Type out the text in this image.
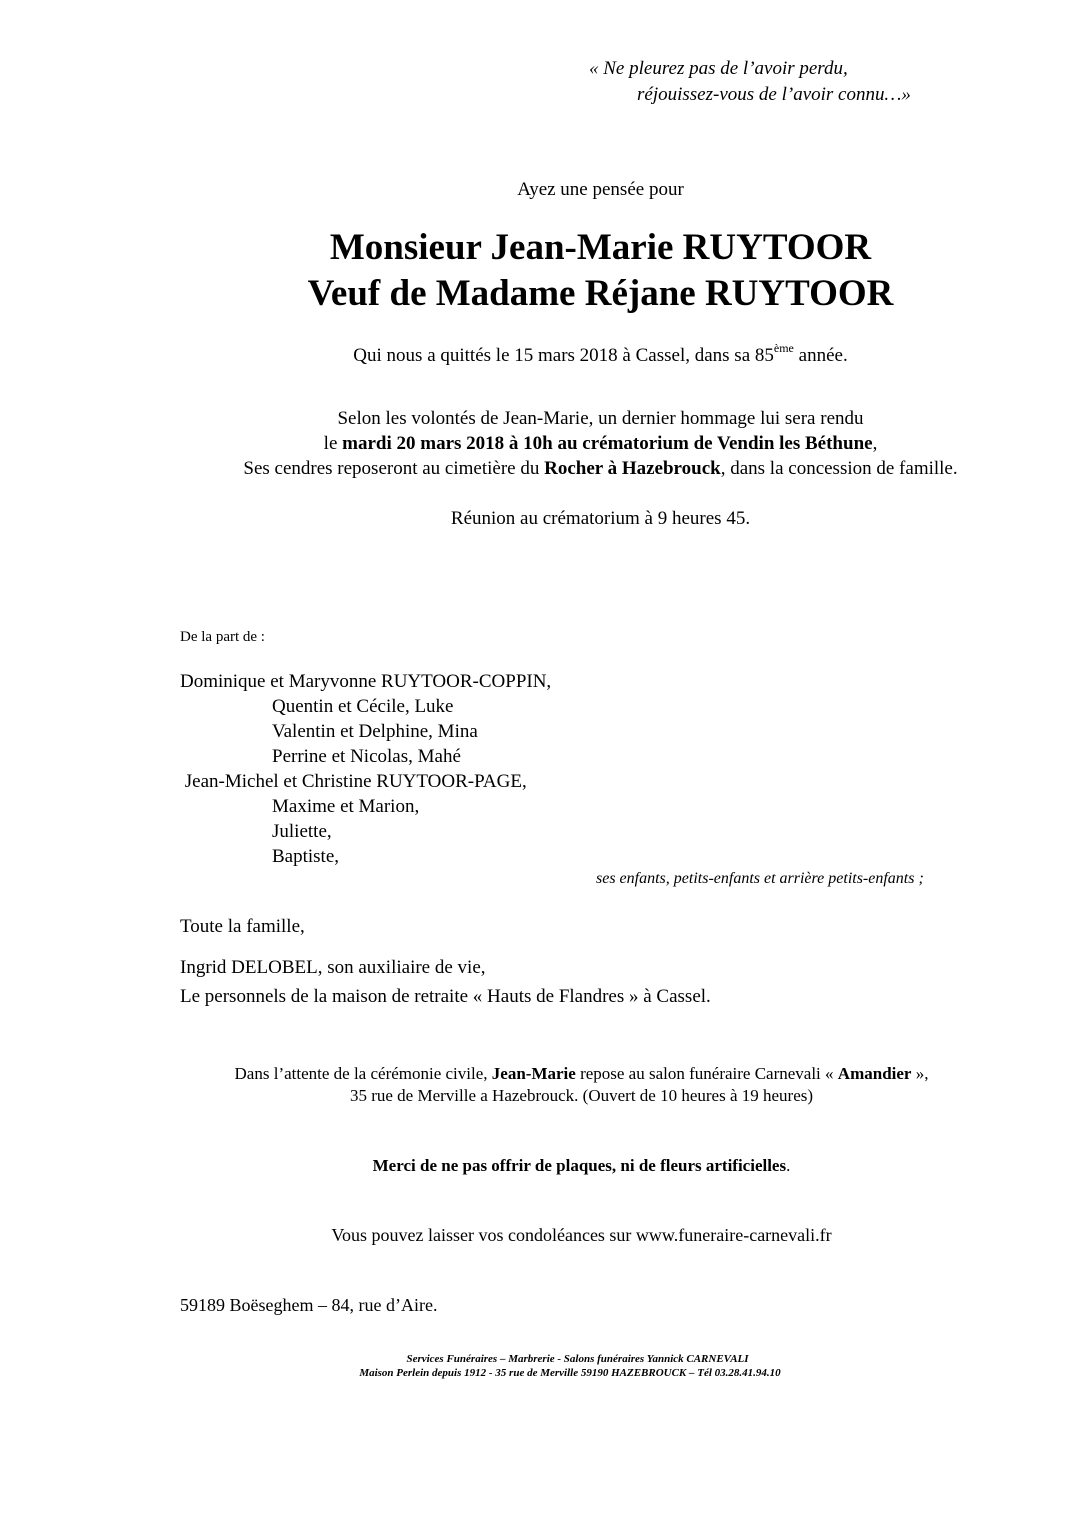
« Ne pleurez pas de l’avoir perdu,
réjouissez-vous de l’avoir connu…»
Ayez une pensée pour
Monsieur Jean-Marie RUYTOOR
Veuf de Madame Réjane RUYTOOR
Qui nous a quittés le 15 mars 2018 à Cassel, dans sa 85ème année.
Selon les volontés de Jean-Marie, un dernier hommage lui sera rendu
le mardi 20 mars 2018 à 10h au crématorium de Vendin les Béthune,
Ses cendres reposeront au cimetière du Rocher à Hazebrouck, dans la concession de famille.
Réunion au crématorium à 9 heures 45.
De la part de :
Dominique et Maryvonne RUYTOOR-COPPIN,
Quentin et Cécile, Luke
Valentin et Delphine, Mina
Perrine et Nicolas, Mahé
Jean-Michel et Christine RUYTOOR-PAGE,
Maxime et Marion,
Juliette,
Baptiste,
ses enfants, petits-enfants et arrière petits-enfants ;
Toute la famille,
Ingrid DELOBEL, son auxiliaire de vie,
Le personnels de la maison de retraite « Hauts de Flandres » à Cassel.
Dans l’attente de la cérémonie civile, Jean-Marie repose au salon funéraire Carnevali « Amandier »,
35 rue de Merville a Hazebrouck. (Ouvert de 10 heures à 19 heures)
Merci de ne pas offrir de plaques, ni de fleurs artificielles.
Vous pouvez laisser vos condoléances sur www.funeraire-carnevali.fr
59189 Boëseghem – 84, rue d’Aire.
Services Funéraires – Marbrerie - Salons funéraires Yannick CARNEVALI
Maison Perlein depuis 1912 - 35 rue de Merville 59190 HAZEBROUCK – Tél 03.28.41.94.10
